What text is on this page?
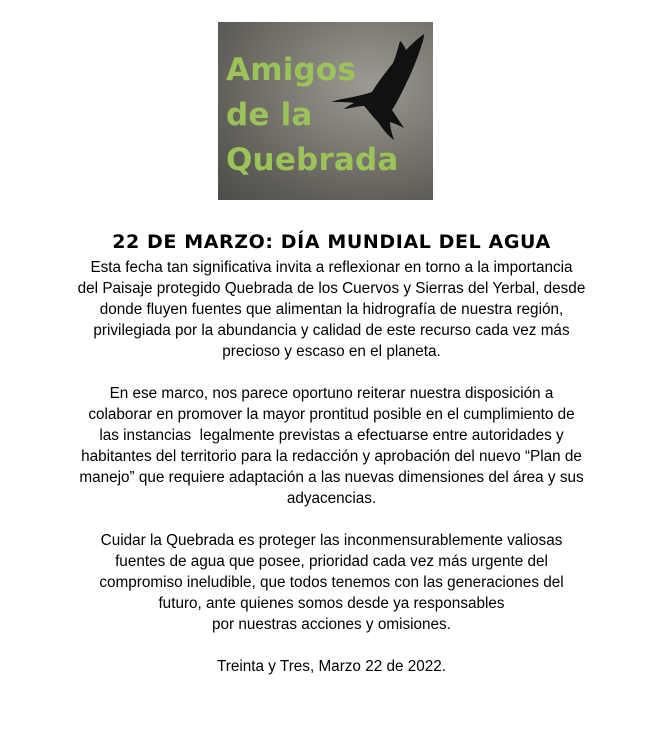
Amigos
de la
Quebrada
22 DE MARZO: DÍA MUNDIAL DEL AGUA
Esta fecha tan significativa invita a reflexionar en torno a la importancia
del Paisaje protegido Quebrada de los Cuervos y Sierras del Yerbal, desde
donde fluyen fuentes que alimentan la hidrografía de nuestra región,
privilegiada por la abundancia y calidad de este recurso cada vez más
precioso y escaso en el planeta.
En ese marco, nos parece oportuno reiterar nuestra disposición a
colaborar en promover la mayor prontitud posible en el cumplimiento de
las instancias  legalmente previstas a efectuarse entre autoridades y
habitantes del territorio para la redacción y aprobación del nuevo “Plan de
manejo” que requiere adaptación a las nuevas dimensiones del área y sus
adyacencias.
Cuidar la Quebrada es proteger las inconmensurablemente valiosas
fuentes de agua que posee, prioridad cada vez más urgente del
compromiso ineludible, que todos tenemos con las generaciones del
futuro, ante quienes somos desde ya responsables
por nuestras acciones y omisiones.
Treinta y Tres, Marzo 22 de 2022.
